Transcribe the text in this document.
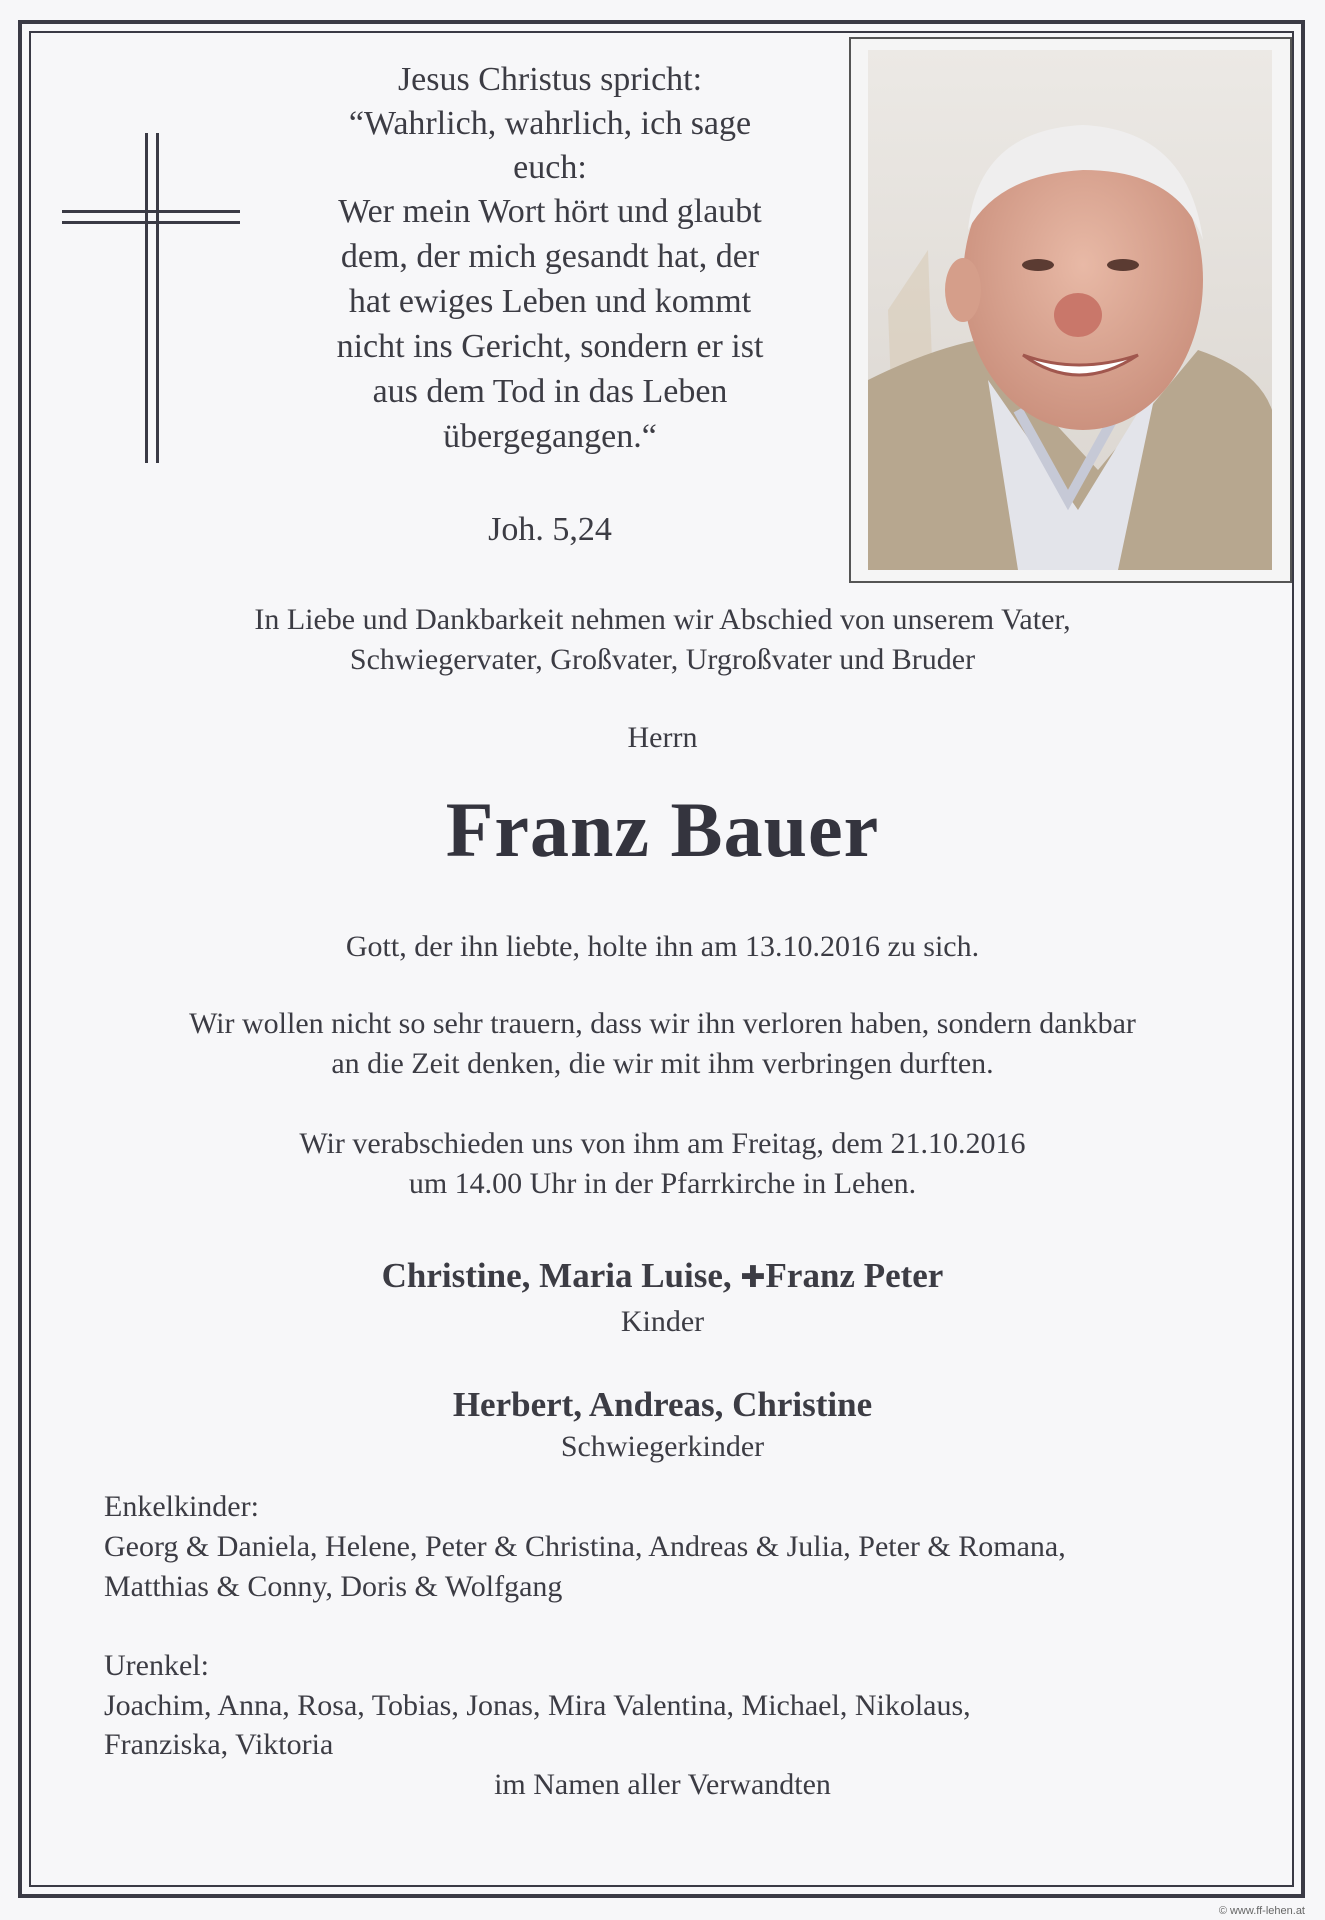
Jesus Christus spricht:
“Wahrlich, wahrlich, ich sage
euch:
Wer mein Wort hört und glaubt
dem, der mich gesandt hat, der
hat ewiges Leben und kommt
nicht ins Gericht, sondern er ist
aus dem Tod in das Leben
übergegangen.“
Joh. 5,24
In Liebe und Dankbarkeit nehmen wir Abschied von unserem Vater,
Schwiegervater, Großvater, Urgroßvater und Bruder
Herrn
Franz Bauer
Gott, der ihn liebte, holte ihn am 13.10.2016 zu sich.
Wir wollen nicht so sehr trauern, dass wir ihn verloren haben, sondern dankbar
an die Zeit denken, die wir mit ihm verbringen durften.
Wir verabschieden uns von ihm am Freitag, dem 21.10.2016
um 14.00 Uhr in der Pfarrkirche in Lehen.
Christine, Maria Luise, ✚Franz Peter
Kinder
Herbert, Andreas, Christine
Schwiegerkinder
Enkelkinder:
Georg & Daniela, Helene, Peter & Christina, Andreas & Julia, Peter & Romana,
Matthias & Conny, Doris & Wolfgang
Urenkel:
Joachim, Anna, Rosa, Tobias, Jonas, Mira Valentina, Michael, Nikolaus,
Franziska, Viktoria
im Namen aller Verwandten
© www.ff-lehen.at
